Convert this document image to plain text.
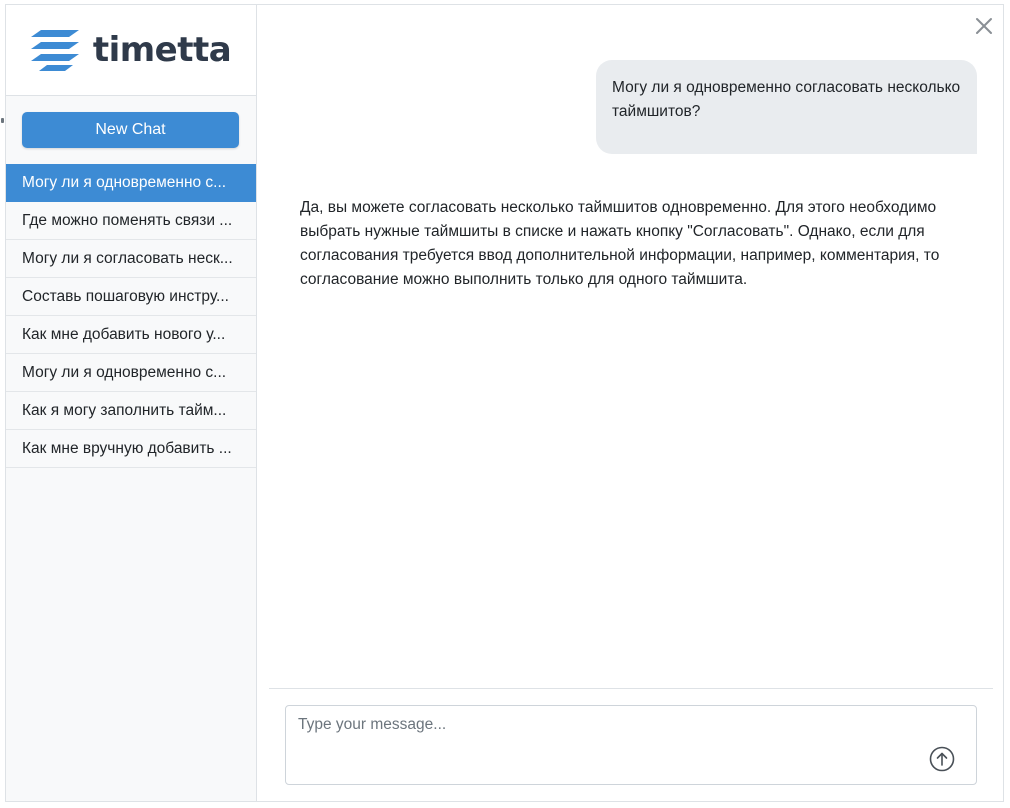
timetta
New Chat
Могу ли я одновременно с...
Где можно поменять связи ...
Могу ли я согласовать неск...
Составь пошаговую инстру...
Как мне добавить нового у...
Могу ли я одновременно с...
Как я могу заполнить тайм...
Как мне вручную добавить ...
Могу ли я одновременно согласовать несколько таймшитов?
Да, вы можете согласовать несколько таймшитов одновременно. Для этого необходимо выбрать нужные таймшиты в списке и нажать кнопку "Согласовать". Однако, если для согласования требуется ввод дополнительной информации, например, комментария, то согласование можно выполнить только для одного таймшита.
Type your message...
